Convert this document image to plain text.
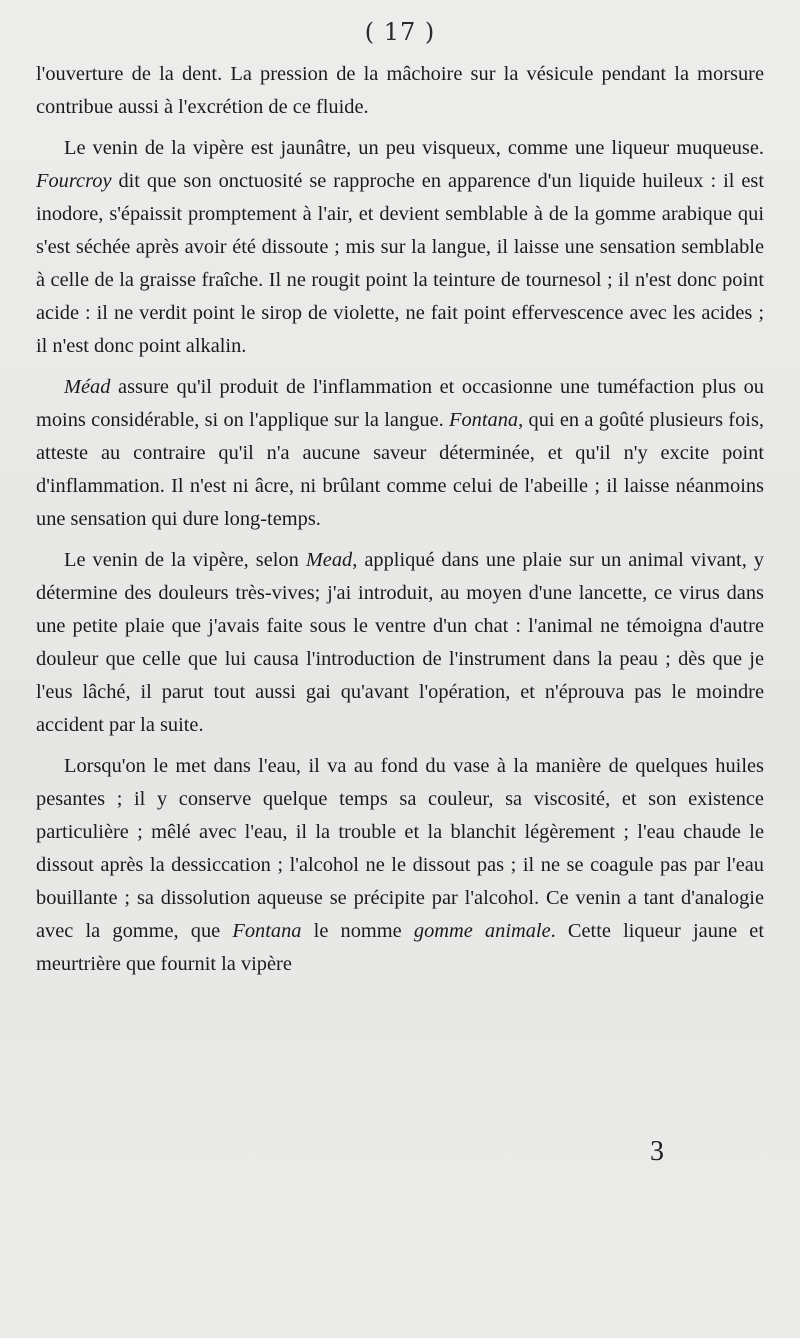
( 17 )

l'ouverture de la dent. La pression de la mâchoire sur la vésicule pendant la morsure contribue aussi à l'excrétion de ce fluide.

Le venin de la vipère est jaunâtre, un peu visqueux, comme une liqueur muqueuse. Fourcroy dit que son onctuosité se rapproche en apparence d'un liquide huileux : il est inodore, s'épaissit promptement à l'air, et devient semblable à de la gomme arabique qui s'est séchée après avoir été dissoute ; mis sur la langue, il laisse une sensation semblable à celle de la graisse fraîche. Il ne rougit point la teinture de tournesol ; il n'est donc point acide : il ne verdit point le sirop de violette, ne fait point effervescence avec les acides ; il n'est donc point alkalin.

Méad assure qu'il produit de l'inflammation et occasionne une tuméfaction plus ou moins considérable, si on l'applique sur la langue. Fontana, qui en a goûté plusieurs fois, atteste au contraire qu'il n'a aucune saveur déterminée, et qu'il n'y excite point d'inflammation. Il n'est ni âcre, ni brûlant comme celui de l'abeille ; il laisse néanmoins une sensation qui dure long-temps.

Le venin de la vipère, selon Mead, appliqué dans une plaie sur un animal vivant, y détermine des douleurs très-vives; j'ai introduit, au moyen d'une lancette, ce virus dans une petite plaie que j'avais faite sous le ventre d'un chat : l'animal ne témoigna d'autre douleur que celle que lui causa l'introduction de l'instrument dans la peau ; dès que je l'eus lâché, il parut tout aussi gai qu'avant l'opération, et n'éprouva pas le moindre accident par la suite.

Lorsqu'on le met dans l'eau, il va au fond du vase à la manière de quelques huiles pesantes ; il y conserve quelque temps sa couleur, sa viscosité, et son existence particulière ; mêlé avec l'eau, il la trouble et la blanchit légèrement ; l'eau chaude le dissout après la dessiccation ; l'alcohol ne le dissout pas ; il ne se coagule pas par l'eau bouillante ; sa dissolution aqueuse se précipite par l'alcohol. Ce venin a tant d'analogie avec la gomme, que Fontana le nomme gomme animale. Cette liqueur jaune et meurtrière que fournit la vipère

3
